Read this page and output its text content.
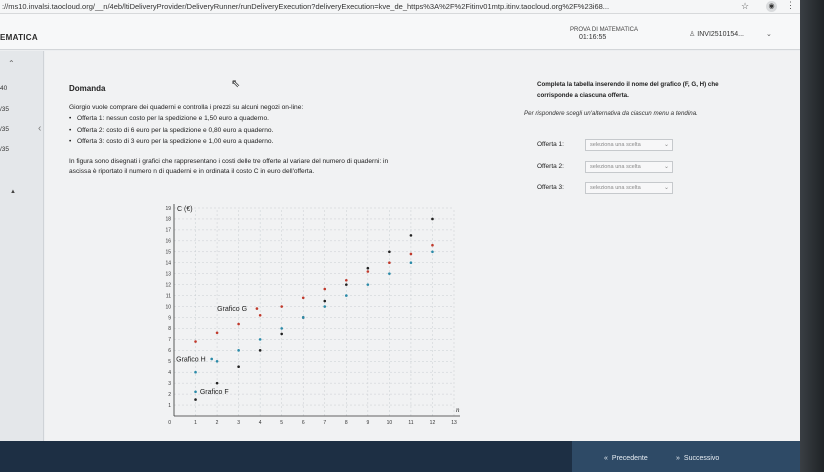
://ms10.invalsi.taocloud.org/__n/4eb/ltiDeliveryProvider/DeliveryRunner/runDeliveryExecution?deliveryExecution=kve_de_https%3A%2F%2Fitinv01mtp.itinv.taocloud.org%2F%23i68...	☆	◉ ⋮
EMATICA
PROVA DI MATEMATICA
01:16:55	♙ INVI2510154...	⌄
⌃
40
/35
/35
/35
‹
▲
Domanda	⇖
Giorgio vuole comprare dei quaderni e controlla i prezzi su alcuni negozi on-line:
• Offerta 1: nessun costo per la spedizione e 1,50 euro a quaderno.
• Offerta 2: costo di 6 euro per la spedizione e 0,80 euro a quaderno.
• Offerta 3: costo di 3 euro per la spedizione e 1,00 euro a quaderno.
In figura sono disegnati i grafici che rappresentano i costi delle tre offerte al variare del numero di quaderni: in
ascissa è riportato il numero n di quaderni e in ordinata il costo C in euro dell'offerta.
1
2
3
4
5
6
7
8
9
10
11
12
13
14
15
16
17
18
19
1	2	3	4	5	6	7	8	9	10	11	12	13
0
C (€)
n
Grafico F
Grafico G
Grafico H
Completa la tabella inserendo il nome del grafico (F, G, H) che corrisponde a ciascuna offerta.
Per rispondere scegli un'alternativa da ciascun menu a tendina.
Offerta 1:	seleziona una scelta	⌄
Offerta 2:	seleziona una scelta	⌄
Offerta 3:	seleziona una scelta	⌄
« Precedente	» Successivo
